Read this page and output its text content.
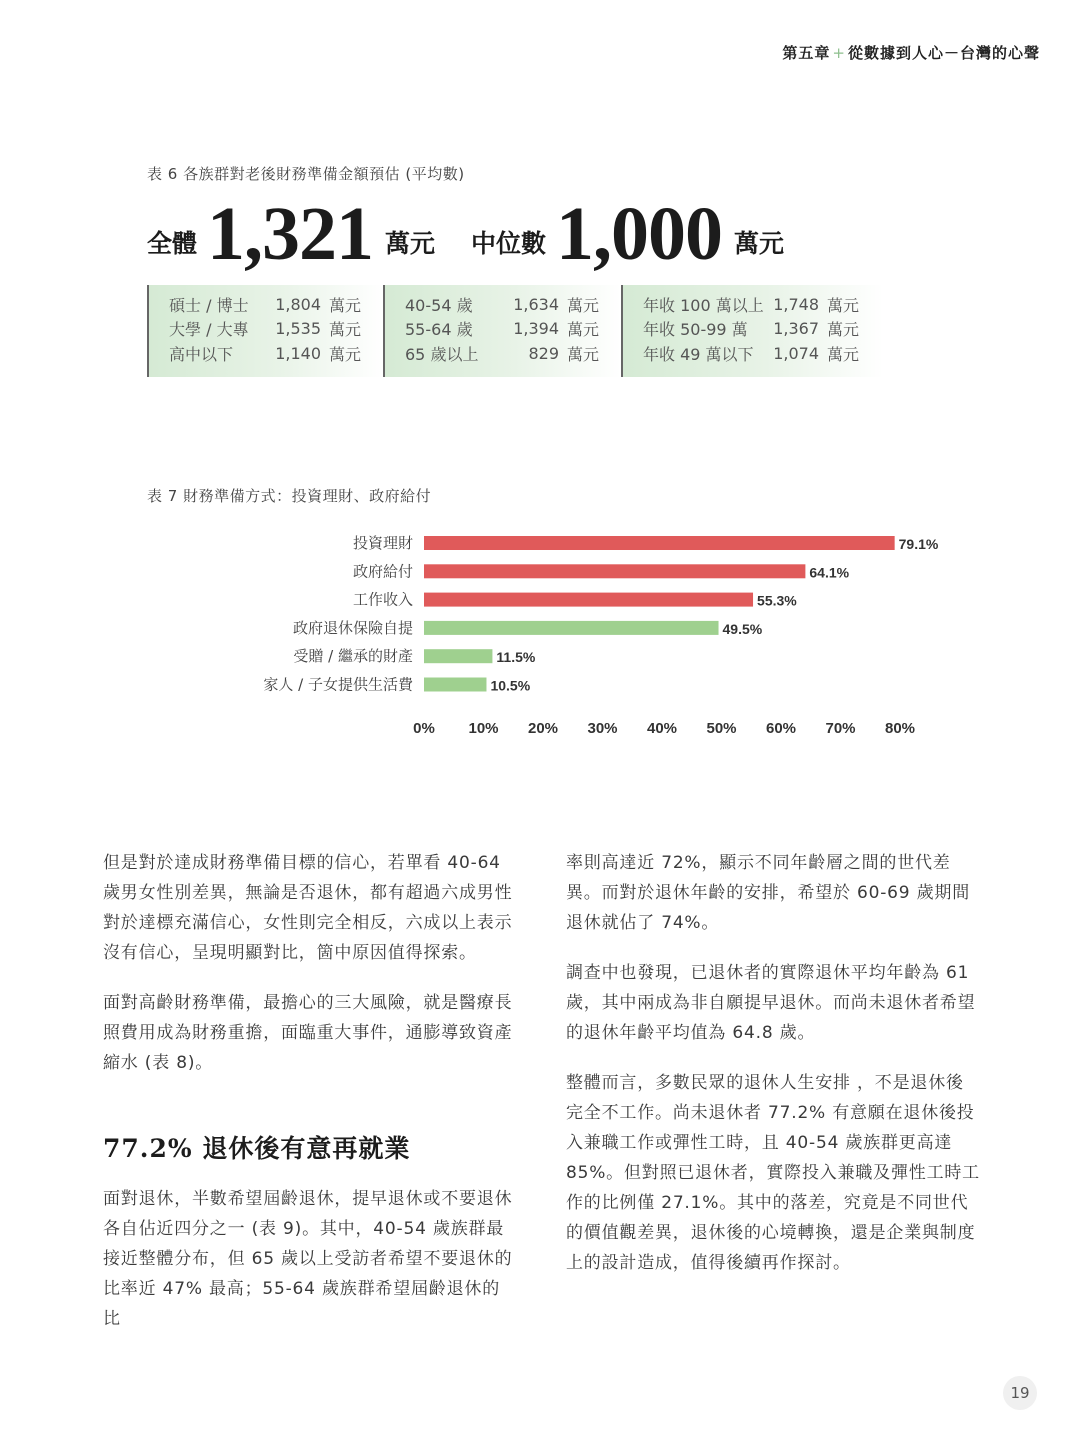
第五章 + 從數據到人心－台灣的心聲
表 6 各族群對老後財務準備金額預估 (平均數)
全體 1,321 萬元 中位數 1,000 萬元
碩士 / 博士	1,804 萬元
大學 / 大專	1,535 萬元
高中以下	1,140 萬元
40-54 歲	1,634 萬元
55-64 歲	1,394 萬元
65 歲以上	829 萬元
年收 100 萬以上 1,748 萬元
年收 50-99 萬	1,367 萬元
年收 49 萬以下	1,074 萬元
表 7 財務準備方式：投資理財、政府給付
投資理財	79.1%
政府給付	64.1%
工作收入	55.3%
政府退休保險自提	49.5%
受贈 / 繼承的財產	11.5%
家人 / 子女提供生活費	10.5%
0% 10% 20% 30% 40% 50% 60% 70% 80%

但是對於達成財務準備目標的信心，若單看 40-64 歲男女性別差異，無論是否退休，都有超過六成男性對於達標充滿信心，女性則完全相反，六成以上表示沒有信心，呈現明顯對比，箇中原因值得探索。

面對高齡財務準備，最擔心的三大風險，就是醫療長照費用成為財務重擔，面臨重大事件，通膨導致資產縮水 (表 8)。

77.2% 退休後有意再就業

面對退休，半數希望屆齡退休，提早退休或不要退休各自佔近四分之一 (表 9)。其中，40-54 歲族群最接近整體分布，但 65 歲以上受訪者希望不要退休的比率近 47% 最高；55-64 歲族群希望屆齡退休的比

率則高達近 72%，顯示不同年齡層之間的世代差異。而對於退休年齡的安排，希望於 60-69 歲期間退休就佔了 74%。

調查中也發現，已退休者的實際退休平均年齡為 61 歲，其中兩成為非自願提早退休。而尚未退休者希望的退休年齡平均值為 64.8 歲。

整體而言，多數民眾的退休人生安排 ，不是退休後完全不工作。尚未退休者 77.2% 有意願在退休後投入兼職工作或彈性工時，且 40-54 歲族群更高達 85%。但對照已退休者，實際投入兼職及彈性工時工作的比例僅 27.1%。其中的落差，究竟是不同世代的價值觀差異，退休後的心境轉換，還是企業與制度上的設計造成，值得後續再作探討。

19
